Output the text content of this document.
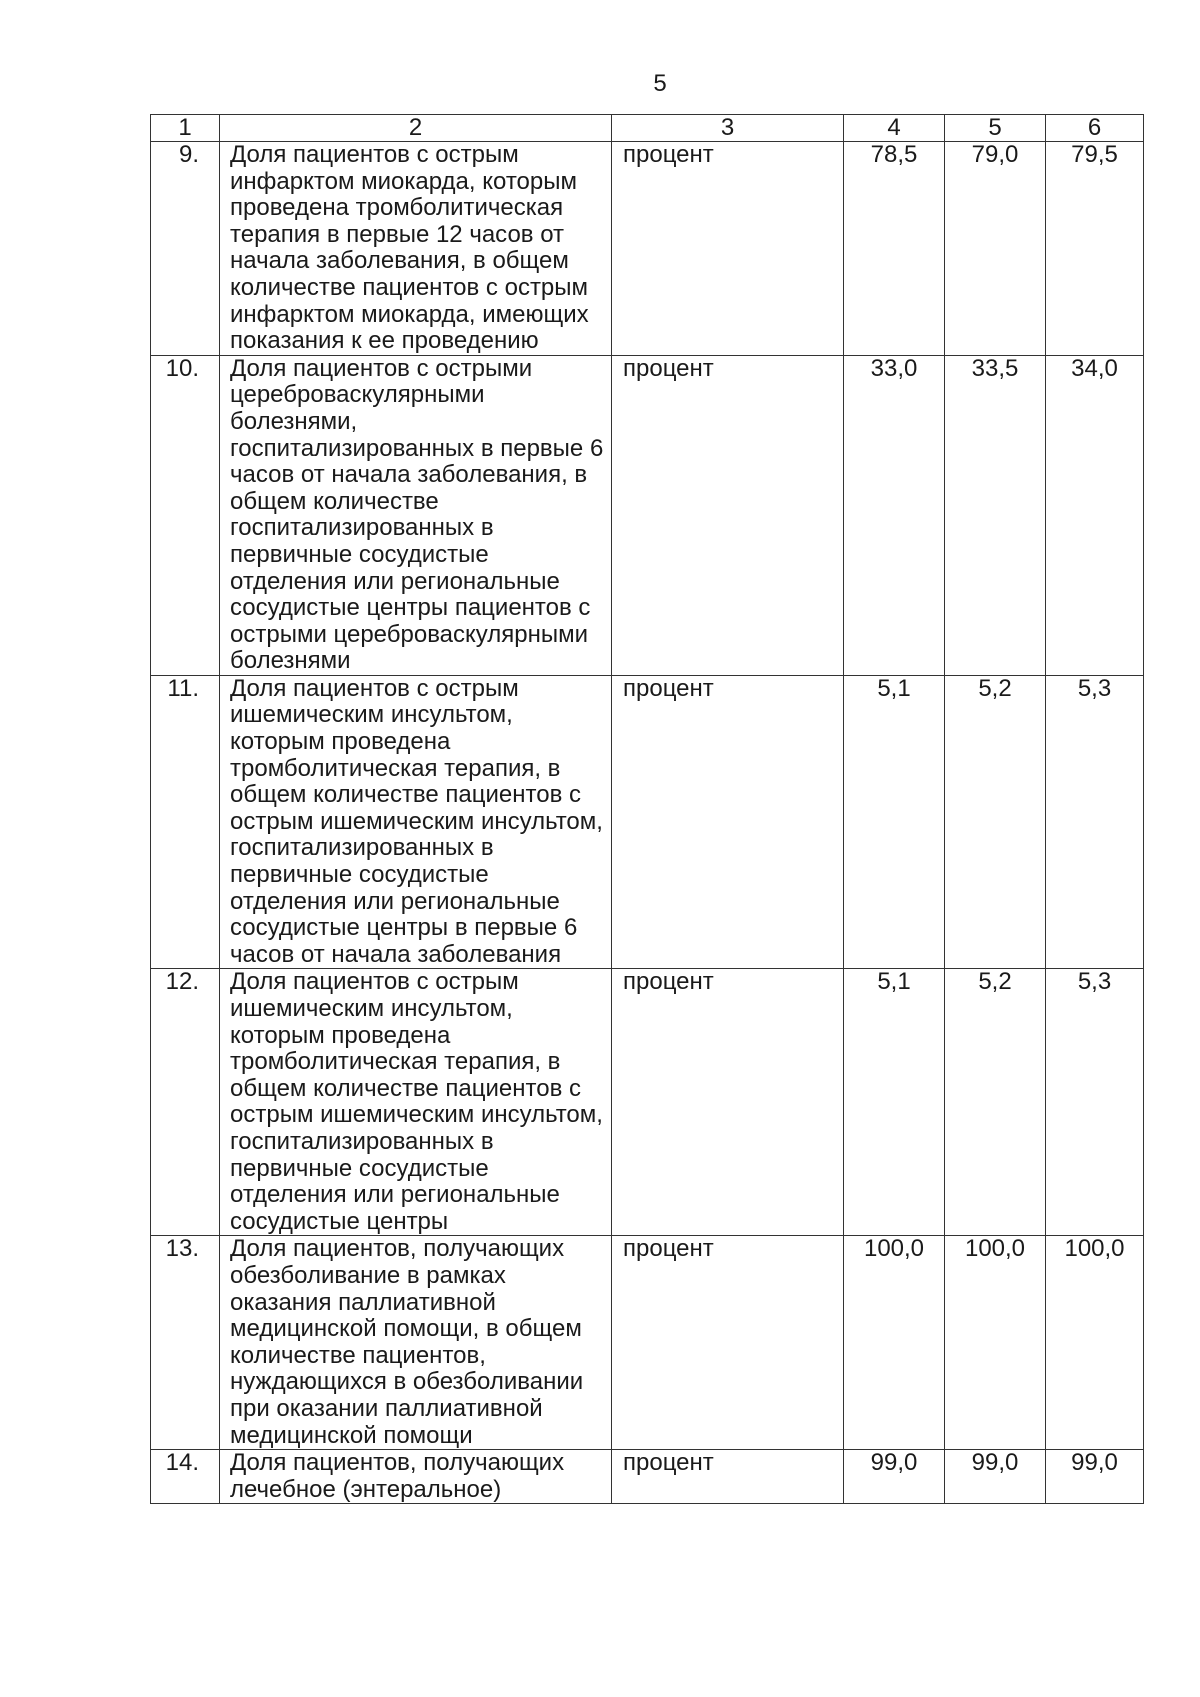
5
1	2	3	4	5	6
9.	Доля пациентов с острым инфарктом миокарда, которым проведена тромболитическая терапия в первые 12 часов от начала заболевания, в общем количестве пациентов с острым инфарктом миокарда, имеющих показания к ее проведению	процент	78,5	79,0	79,5
10.	Доля пациентов с острыми цереброваскулярными болезнями, госпитализированных в первые 6 часов от начала заболевания, в общем количестве госпитализированных в первичные сосудистые отделения или региональные сосудистые центры пациентов с острыми цереброваскулярными болезнями	процент	33,0	33,5	34,0
11.	Доля пациентов с острым ишемическим инсультом, которым проведена тромболитическая терапия, в общем количестве пациентов с острым ишемическим инсультом, госпитализированных в первичные сосудистые отделения или региональные сосудистые центры в первые 6 часов от начала заболевания	процент	5,1	5,2	5,3
12.	Доля пациентов с острым ишемическим инсультом, которым проведена тромболитическая терапия, в общем количестве пациентов с острым ишемическим инсультом, госпитализированных в первичные сосудистые отделения или региональные сосудистые центры	процент	5,1	5,2	5,3
13.	Доля пациентов, получающих обезболивание в рамках оказания паллиативной медицинской помощи, в общем количестве пациентов, нуждающихся в обезболивании при оказании паллиативной медицинской помощи	процент	100,0	100,0	100,0
14.	Доля пациентов, получающих лечебное (энтеральное)	процент	99,0	99,0	99,0
